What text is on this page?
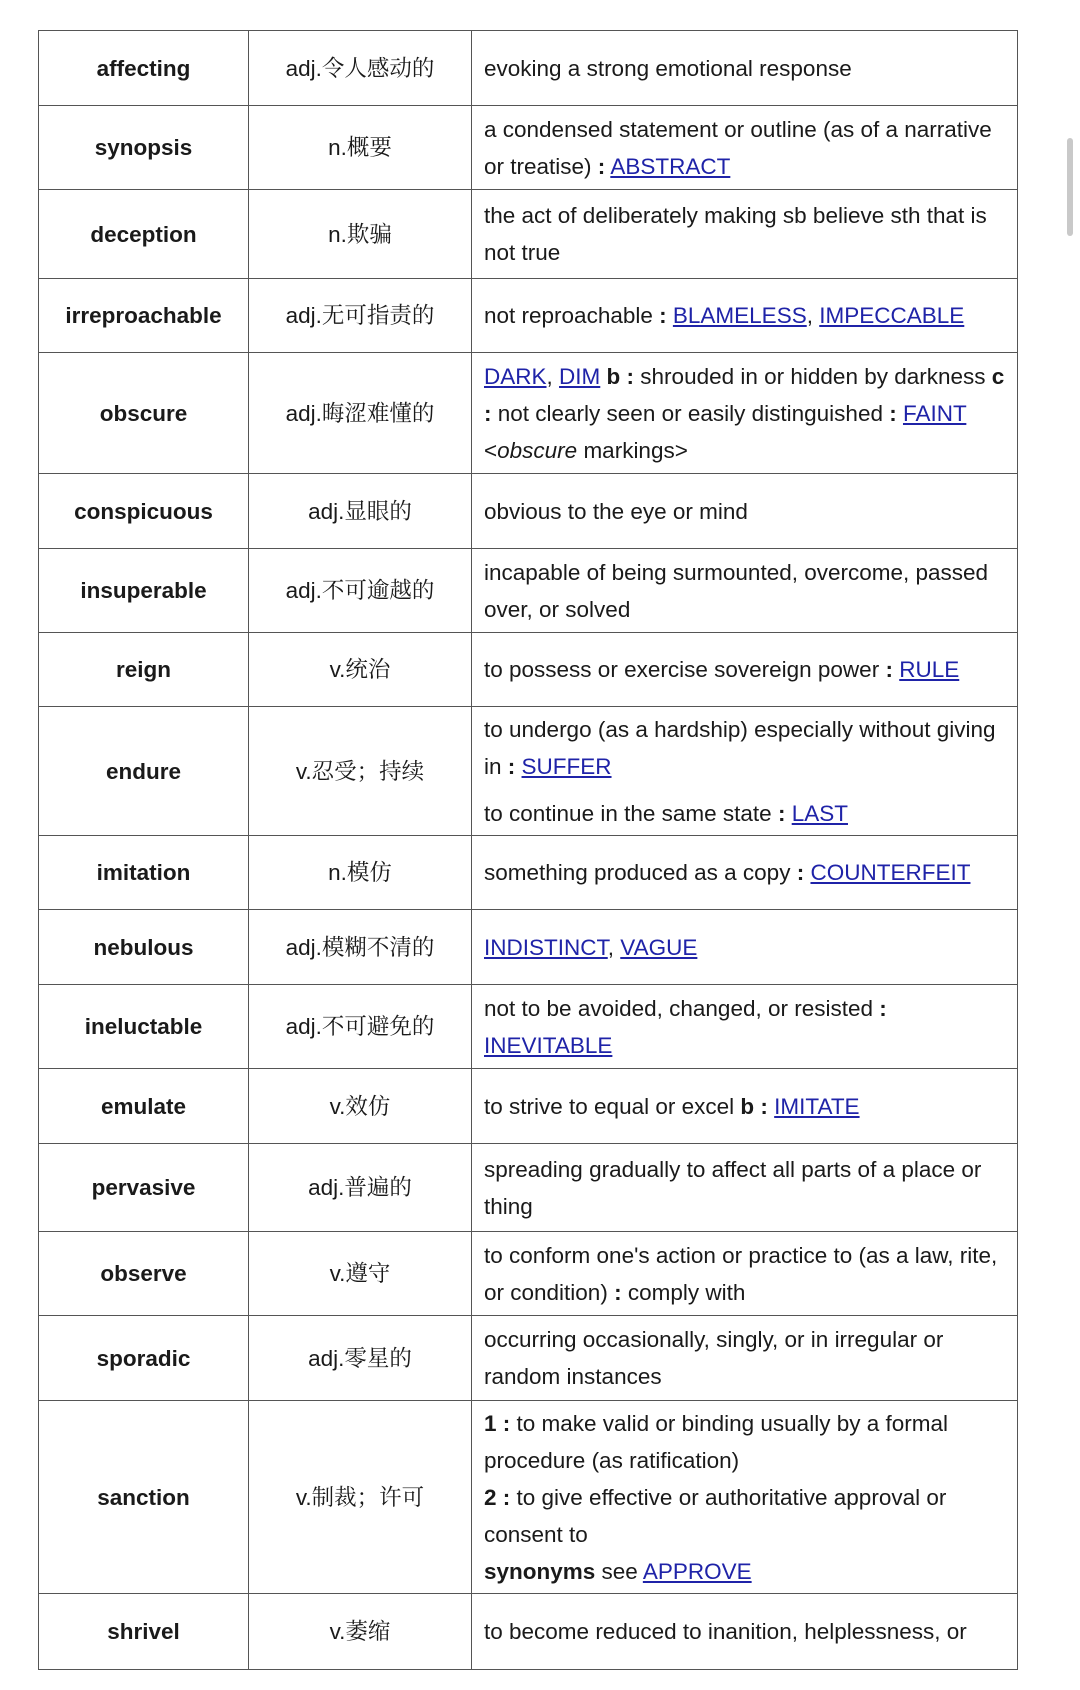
affecting	adj.令人感动的	evoking a strong emotional response

synopsis	n.概要	a condensed statement or outline (as of a narrative or treatise) : ABSTRACT

deception	n.欺骗	the act of deliberately making sb believe sth that is not true

irreproachable	adj.无可指责的	not reproachable : BLAMELESS, IMPECCABLE

obscure	adj.晦涩难懂的	DARK, DIM b : shrouded in or hidden by darkness c : not clearly seen or easily distinguished : FAINT <obscure markings>

conspicuous	adj.显眼的	obvious to the eye or mind

insuperable	adj.不可逾越的	incapable of being surmounted, overcome, passed over, or solved

reign	v.统治	to possess or exercise sovereign power : RULE

endure	v.忍受；持续	to undergo (as a hardship) especially without giving in : SUFFER
to continue in the same state : LAST

imitation	n.模仿	something produced as a copy : COUNTERFEIT

nebulous	adj.模糊不清的	INDISTINCT, VAGUE

ineluctable	adj.不可避免的	not to be avoided, changed, or resisted : INEVITABLE

emulate	v.效仿	to strive to equal or excel b : IMITATE

pervasive	adj.普遍的	spreading gradually to affect all parts of a place or thing

observe	v.遵守	to conform one's action or practice to (as a law, rite, or condition) : comply with

sporadic	adj.零星的	occurring occasionally, singly, or in irregular or random instances

sanction	v.制裁；许可	1 : to make valid or binding usually by a formal procedure (as ratification)
2 : to give effective or authoritative approval or consent to
synonyms see APPROVE

shrivel	v.萎缩	to become reduced to inanition, helplessness, or
